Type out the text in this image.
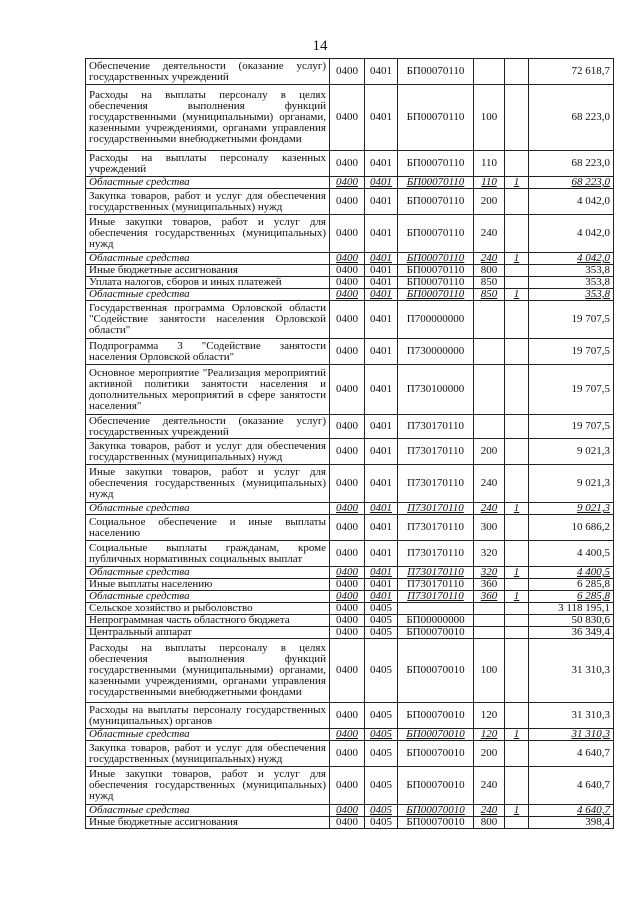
14
Обеспечение деятельности (оказание услуг) государственных учреждений	0400	0401	БП00070110			72 618,7
Расходы на выплаты персоналу в целях обеспечения выполнения функций государственными (муниципальными) органами, казенными учреждениями, органами управления государственными внебюджетными фондами	0400	0401	БП00070110	100		68 223,0
Расходы на выплаты персоналу казенных учреждений	0400	0401	БП00070110	110		68 223,0
Областные средства	0400	0401	БП00070110	110	1	68 223,0
Закупка товаров, работ и услуг для обеспечения государственных (муниципальных) нужд	0400	0401	БП00070110	200		4 042,0
Иные закупки товаров, работ и услуг для обеспечения государственных (муниципальных) нужд	0400	0401	БП00070110	240		4 042,0
Областные средства	0400	0401	БП00070110	240	1	4 042,0
Иные бюджетные ассигнования	0400	0401	БП00070110	800		353,8
Уплата налогов, сборов и иных платежей	0400	0401	БП00070110	850		353,8
Областные средства	0400	0401	БП00070110	850	1	353,8
Государственная программа Орловской области "Содействие занятости населения Орловской области"	0400	0401	П700000000			19 707,5
Подпрограмма 3 "Содействие занятости населения Орловской области"	0400	0401	П730000000			19 707,5
Основное мероприятие "Реализация мероприятий активной политики занятости населения и дополнительных мероприятий в сфере занятости населения"	0400	0401	П730100000			19 707,5
Обеспечение деятельности (оказание услуг) государственных учреждений	0400	0401	П730170110			19 707,5
Закупка товаров, работ и услуг для обеспечения государственных (муниципальных) нужд	0400	0401	П730170110	200		9 021,3
Иные закупки товаров, работ и услуг для обеспечения государственных (муниципальных) нужд	0400	0401	П730170110	240		9 021,3
Областные средства	0400	0401	П730170110	240	1	9 021,3
Социальное обеспечение и иные выплаты населению	0400	0401	П730170110	300		10 686,2
Социальные выплаты гражданам, кроме публичных нормативных социальных выплат	0400	0401	П730170110	320		4 400,5
Областные средства	0400	0401	П730170110	320	1	4 400,5
Иные выплаты населению	0400	0401	П730170110	360		6 285,8
Областные средства	0400	0401	П730170110	360	1	6 285,8
Сельское хозяйство и рыболовство	0400	0405				3 118 195,1
Непрограммная часть областного бюджета	0400	0405	БП00000000			50 830,6
Центральный аппарат	0400	0405	БП00070010			36 349,4
Расходы на выплаты персоналу в целях обеспечения выполнения функций государственными (муниципальными) органами, казенными учреждениями, органами управления государственными внебюджетными фондами	0400	0405	БП00070010	100		31 310,3
Расходы на выплаты персоналу государственных (муниципальных) органов	0400	0405	БП00070010	120		31 310,3
Областные средства	0400	0405	БП00070010	120	1	31 310,3
Закупка товаров, работ и услуг для обеспечения государственных (муниципальных) нужд	0400	0405	БП00070010	200		4 640,7
Иные закупки товаров, работ и услуг для обеспечения государственных (муниципальных) нужд	0400	0405	БП00070010	240		4 640,7
Областные средства	0400	0405	БП00070010	240	1	4 640,7
Иные бюджетные ассигнования	0400	0405	БП00070010	800		398,4
